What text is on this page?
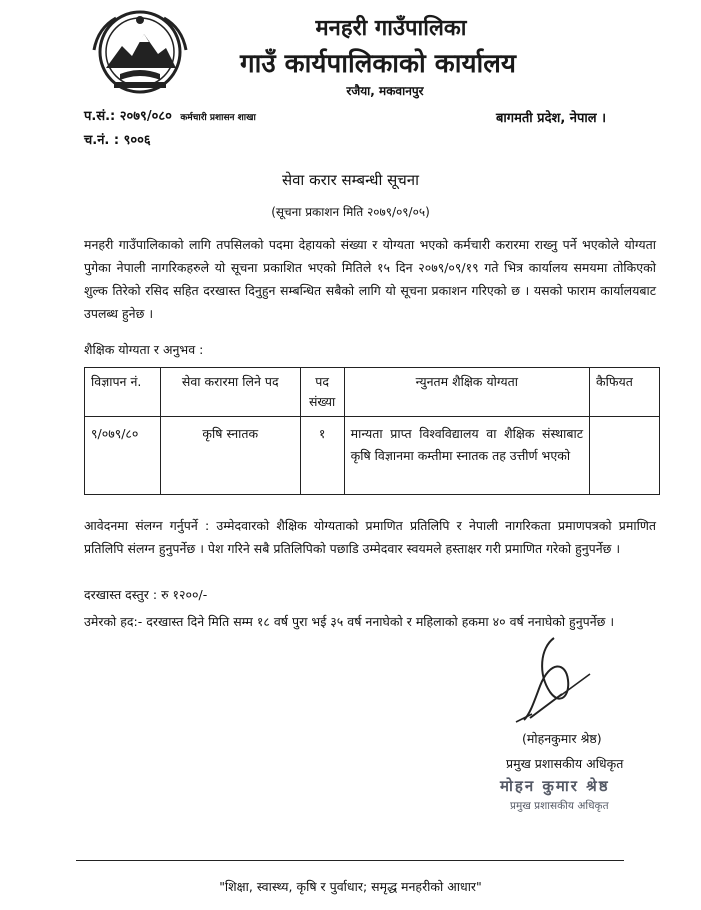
मनहरी गाउँपालिका
गाउँ कार्यपालिकाको कार्यालय
रजैया, मकवानपुर
प.सं.: २०७९/०८० कर्मचारी प्रशासन शाखा
च.नं. : ९००६
बागमती प्रदेश, नेपाल ।
सेवा करार सम्बन्धी सूचना
(सूचना प्रकाशन मिति २०७९/०९/०५)
मनहरी गाउँपालिकाको लागि तपसिलको पदमा देहायको संख्या र योग्यता भएको कर्मचारी करारमा राख्नु पर्ने भएकोले योग्यता पुगेका नेपाली नागरिकहरुले यो सूचना प्रकाशित भएको मितिले १५ दिन २०७९/०९/१९ गते भित्र कार्यालय समयमा तोकिएको शुल्क तिरेको रसिद सहित दरखास्त दिनुहुन सम्बन्धित सबैको लागि यो सूचना प्रकाशन गरिएको छ । यसको फाराम कार्यालयबाट उपलब्ध हुनेछ ।
शैक्षिक योग्यता र अनुभव :
विज्ञापन नं.	सेवा करारमा लिने पद	पद संख्या	न्युनतम शैक्षिक योग्यता	कैफियत
९/०७९/८०	कृषि स्नातक	१	मान्यता प्राप्त विश्वविद्यालय वा शैक्षिक संस्थाबाट कृषि विज्ञानमा कम्तीमा स्नातक तह उत्तीर्ण भएको	
आवेदनमा संलग्न गर्नुपर्ने : उम्मेदवारको शैक्षिक योग्यताको प्रमाणित प्रतिलिपि र नेपाली नागरिकता प्रमाणपत्रको प्रमाणित प्रतिलिपि संलग्न हुनुपर्नेछ । पेश गरिने सबै प्रतिलिपिको पछाडि उम्मेदवार स्वयमले हस्ताक्षर गरी प्रमाणित गरेको हुनुपर्नेछ ।
दरखास्त दस्तुर : रु १२००/-
उमेरको हद:- दरखास्त दिने मिति सम्म १८ वर्ष पुरा भई ३५ वर्ष ननाघेको र महिलाको हकमा ४० वर्ष ननाघेको हुनुपर्नेछ ।
(मोहनकुमार श्रेष्ठ)
प्रमुख प्रशासकीय अधिकृत
मोहन कुमार श्रेष्ठ
प्रमुख प्रशासकीय अधिकृत
"शिक्षा, स्वास्थ्य, कृषि र पुर्वाधार; समृद्ध मनहरीको आधार"
